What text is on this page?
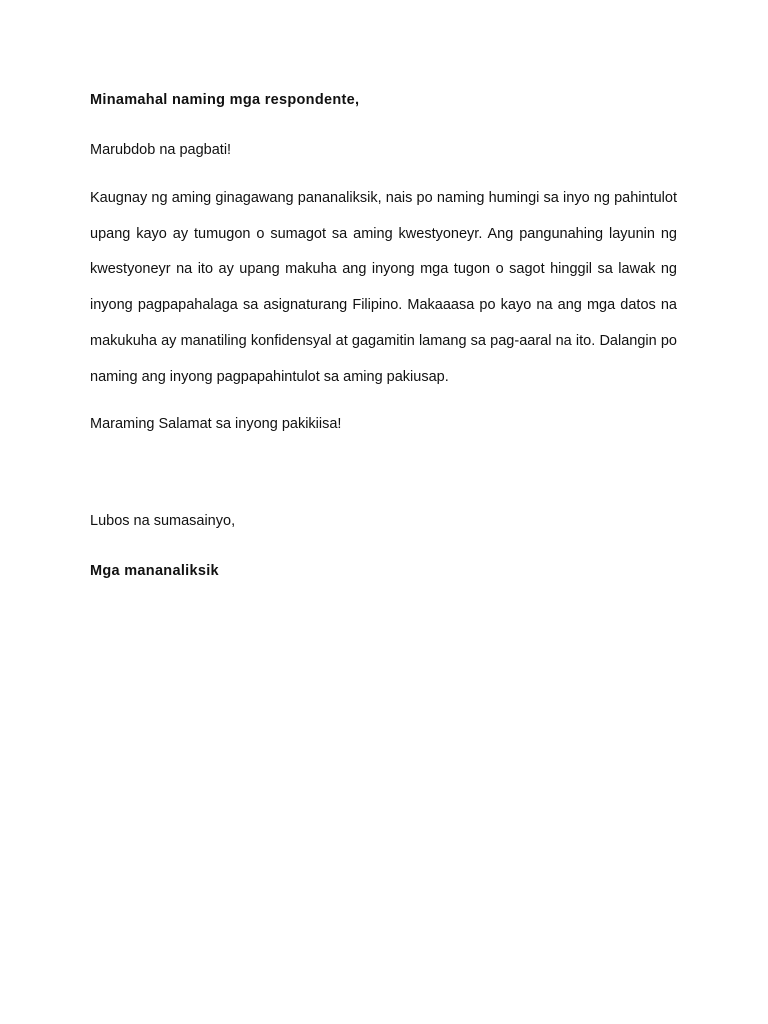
Minamahal naming mga respondente,
Marubdob na pagbati!

Kaugnay ng aming ginagawang pananaliksik, nais po naming humingi sa inyo ng pahintulot upang kayo ay tumugon o sumagot sa aming kwestyoneyr. Ang pangunahing layunin ng kwestyoneyr na ito ay upang makuha ang inyong mga tugon o sagot hinggil sa lawak ng inyong pagpapahalaga sa asignaturang Filipino. Makaaasa po kayo na ang mga datos na makukuha ay manatiling konfidensyal at gagamitin lamang sa pag-aaral na ito. Dalangin po naming ang inyong pagpapahintulot sa aming pakiusap.

Maraming Salamat sa inyong pakikiisa!
Lubos na sumasainyo,
Mga mananaliksik
